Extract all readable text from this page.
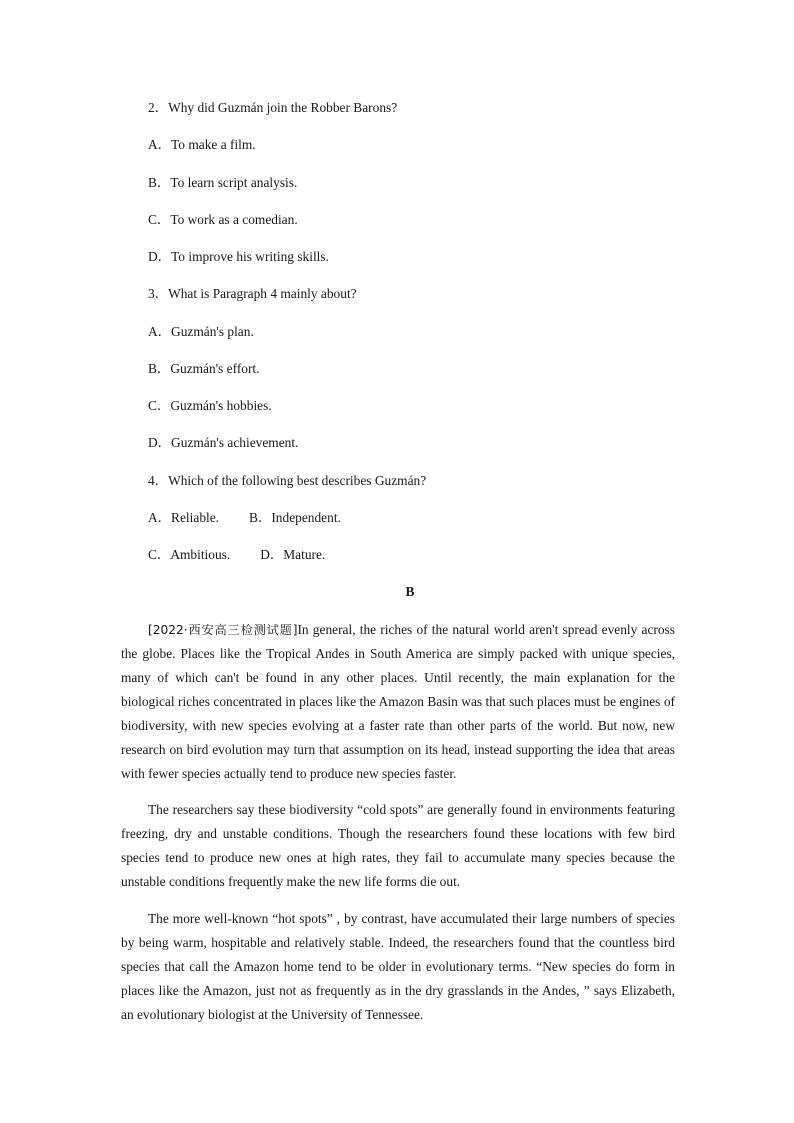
2．Why did Guzmán join the Robber Barons?
A．To make a film.
B．To learn script analysis.
C．To work as a comedian.
D．To improve his writing skills.
3．What is Paragraph 4 mainly about?
A．Guzmán's plan.
B．Guzmán's effort.
C．Guzmán's hobbies.
D．Guzmán's achievement.
4．Which of the following best describes Guzmán?
A．Reliable. B．Independent.
C．Ambitious. D．Mature.
B

[2022·西安高三检测试题]In general, the riches of the natural world aren't spread evenly across the globe. Places like the Tropical Andes in South America are simply packed with unique species, many of which can't be found in any other places. Until recently, the main explanation for the biological riches concentrated in places like the Amazon Basin was that such places must be engines of biodiversity, with new species evolving at a faster rate than other parts of the world. But now, new research on bird evolution may turn that assumption on its head, instead supporting the idea that areas with fewer species actually tend to produce new species faster.

The researchers say these biodiversity “cold spots” are generally found in environments featuring freezing, dry and unstable conditions. Though the researchers found these locations with few bird species tend to produce new ones at high rates, they fail to accumulate many species because the unstable conditions frequently make the new life forms die out.

The more well-known “hot spots” , by contrast, have accumulated their large numbers of species by being warm, hospitable and relatively stable. Indeed, the researchers found that the countless bird species that call the Amazon home tend to be older in evolutionary terms. “New species do form in places like the Amazon, just not as frequently as in the dry grasslands in the Andes, ” says Elizabeth, an evolutionary biologist at the University of Tennessee.
